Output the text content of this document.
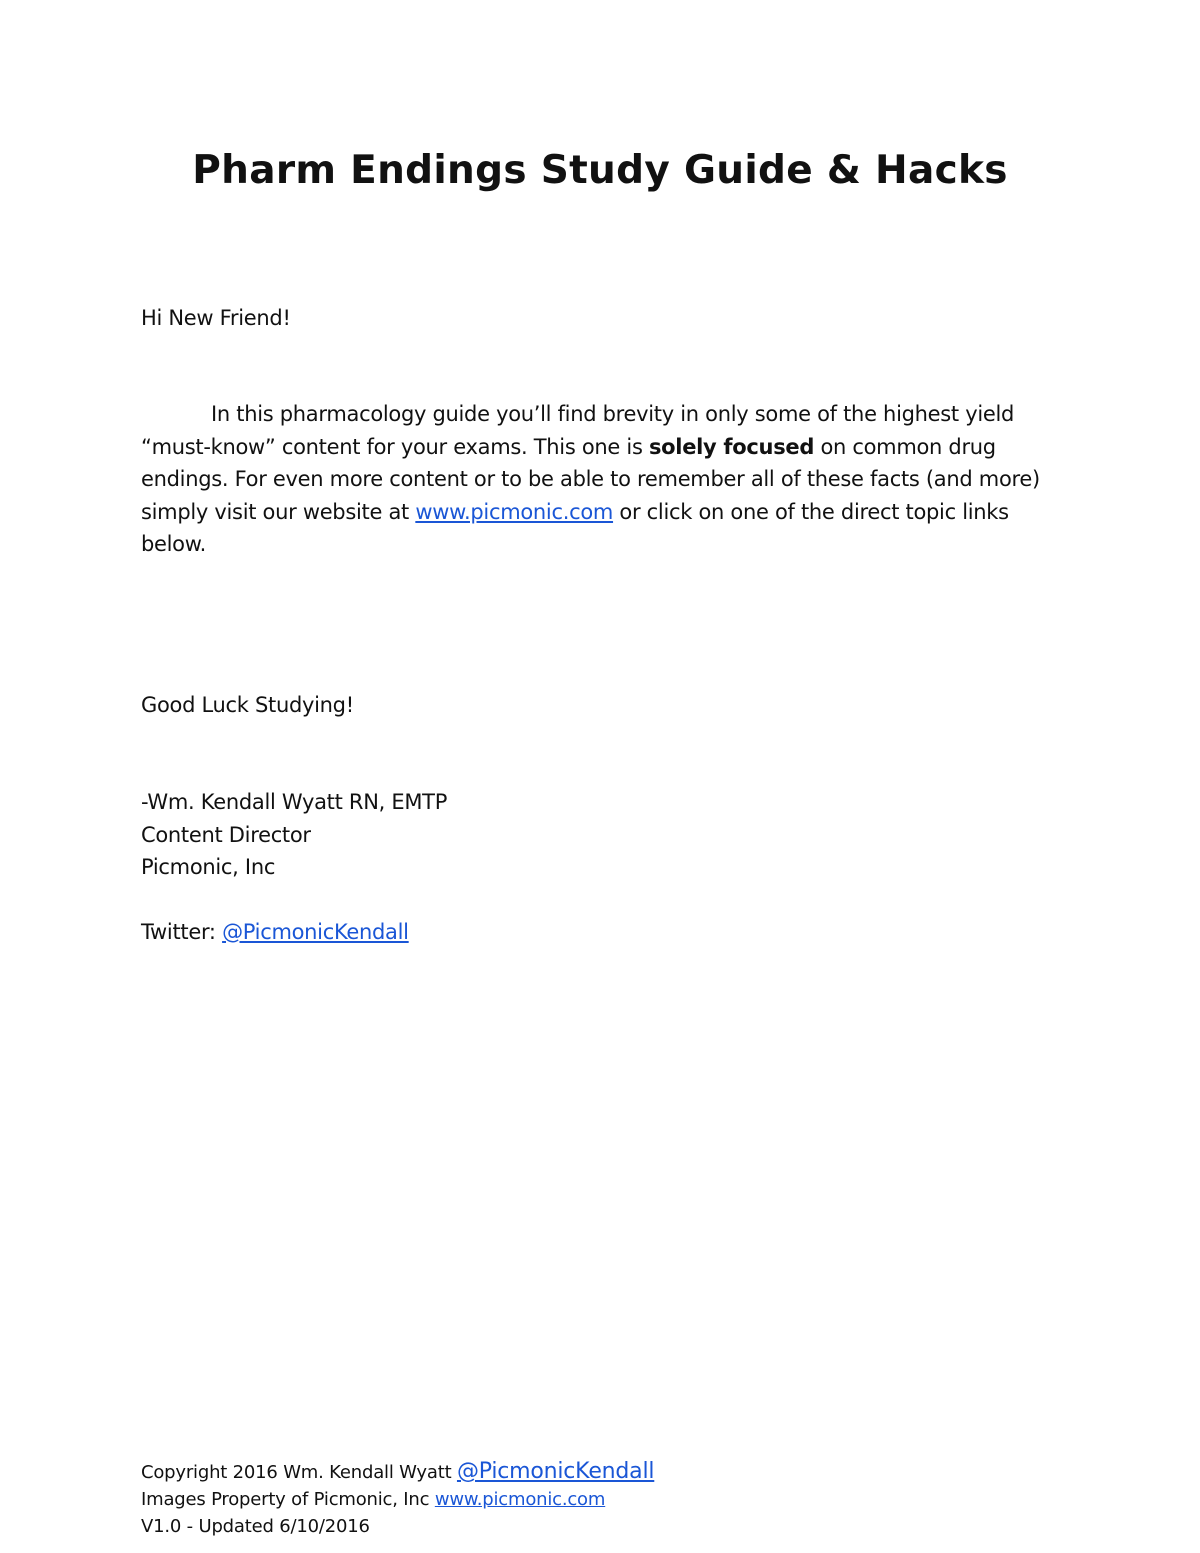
Pharm Endings Study Guide & Hacks

Hi New Friend!

In this pharmacology guide you’ll find brevity in only some of the highest yield “must-know” content for your exams. This one is solely focused on common drug endings. For even more content or to be able to remember all of these facts (and more) simply visit our website at www.picmonic.com or click on one of the direct topic links below.

Good Luck Studying!

-Wm. Kendall Wyatt RN, EMTP
Content Director
Picmonic, Inc

Twitter: @PicmonicKendall

Copyright 2016 Wm. Kendall Wyatt @PicmonicKendall
Images Property of Picmonic, Inc www.picmonic.com
V1.0 - Updated 6/10/2016
